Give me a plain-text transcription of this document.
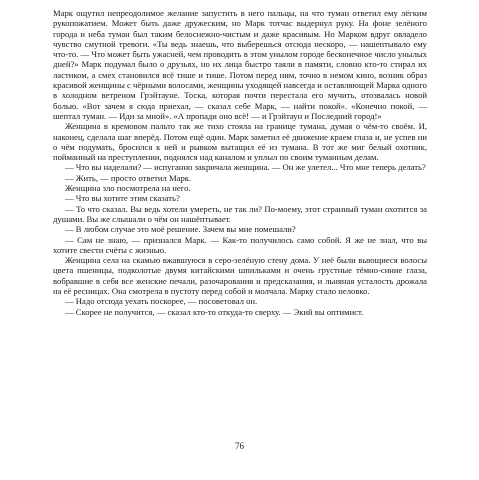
Марк ощутил непреодолимое желание запустить в него пальцы, на что туман ответил ему лёгким рукопожатием. Может быть даже дружеским, но Марк тотчас выдернул руку. На фоне зелёного города и неба туман был таким белоснежно-чистым и даже красивым. Но Марком вдруг овладело чувство смутной тревоги. «Ты ведь знаешь, что выберешься отсюда нескоро, — нашептывало ему что-то. — Что может быть ужасней, чем проводить в этом унылом городе бесконечное число унылых дней?» Марк подумал было о друзьях, но их лица быстро таяли в памяти, словно кто-то стирал их ластиком, а смех становился всё тише и тише. Потом перед ним, точно в немом кино, возник образ красивой женщины с чёрными волосами, женщины уходящей навсегда и оставляющей Марка одного в холодном ветреном Грэйтауне. Тоска, которая почти перестала его мучить, отозвалась новой болью. «Вот зачем я сюда приехал, — сказал себе Марк, — найти покой». «Конечно покой, — шептал туман. — Иди за мной». «А пропади оно всё! — и Грэйтаун и Последний город!»

Женщина в кремовом пальто так же тихо стояла на границе тумана, думая о чём-то своём. И, наконец, сделала шаг вперёд. Потом ещё один. Марк заметил её движение краем глаза и, не успев ни о чём подумать, бросился к ней и рывком вытащил её из тумана. В тот же миг белый охотник, пойманный на преступлении, поднялся над каналом и уплыл по своим туманным делам.

— Что вы наделали? — испуганно закричала женщина. — Он же улетел... Что мне теперь делать?

— Жить, — просто ответил Марк.

Женщина зло посмотрела на него.

— Что вы хотите этим сказать?

— То что сказал. Вы ведь хотели умереть, не так ли? По-моему, этот странный туман охотится за душами. Вы же слышали о чём он нашёптывает.

— В любом случае это моё решение. Зачем вы мне помешали?

— Сам не знаю, — признался Марк. — Как-то получилось само собой. Я же не знал, что вы хотите свести счёты с жизнью.

Женщина села на скамью вжавшуюся в серо-зелёную стену дома. У неё были выющиеся волосы цвета пшеницы, подколотые двумя китайскими шпильками и очень грустные тёмно-синие глаза, вобравшие в себя все женские печали, разочарования и предсказания, и льняная усталость дрожала на её ресницах. Она смотрела в пустоту перед собой и молчала. Марку стало неловко.

— Надо отсюда уехать поскорее, — посоветовал он.

— Скорее не получится, — сказал кто-то откуда-то сверху. — Экий вы оптимист.

76
